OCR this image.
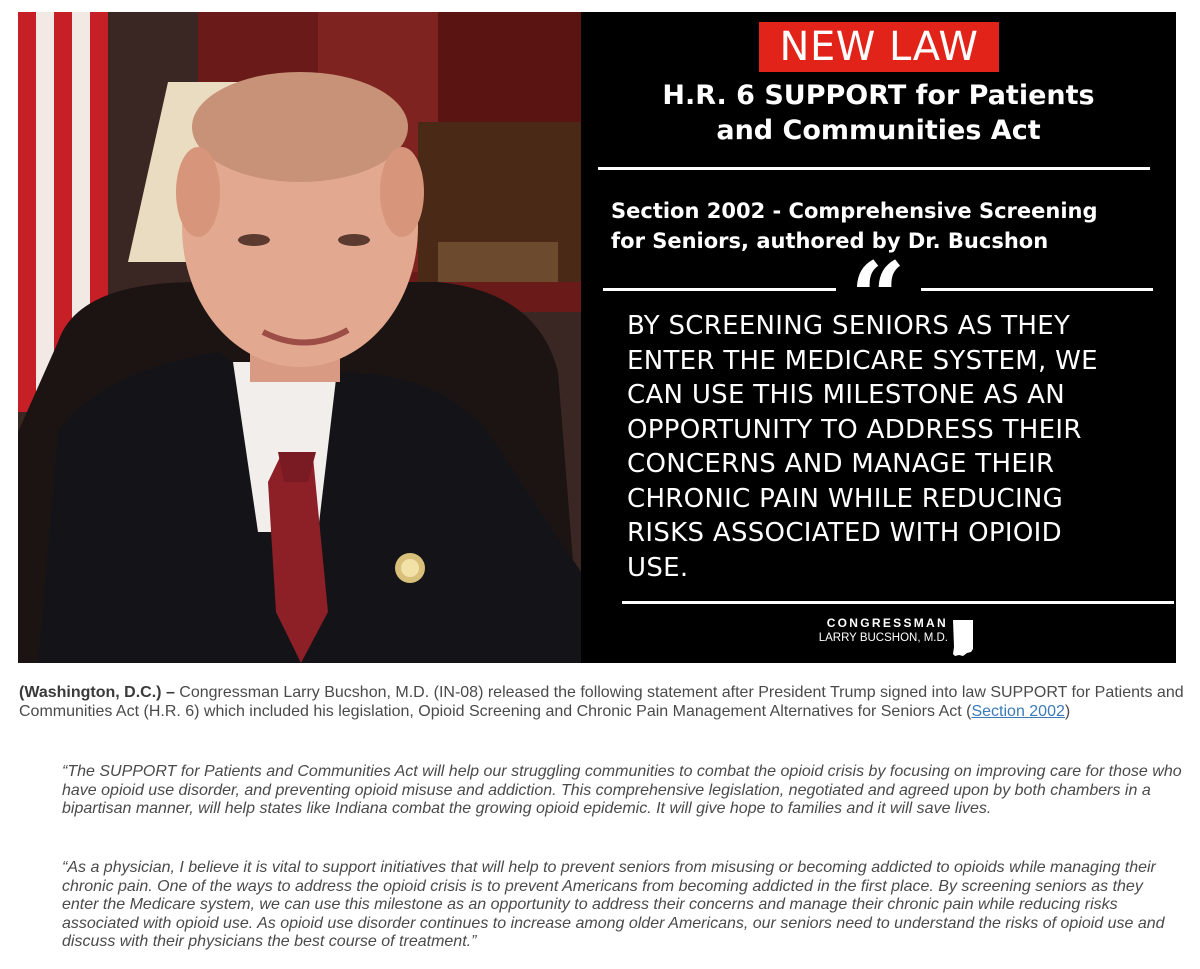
NEW LAW
H.R. 6 SUPPORT for Patients
and Communities Act
Section 2002 - Comprehensive Screening
for Seniors, authored by Dr. Bucshon
“
BY SCREENING SENIORS AS THEY
ENTER THE MEDICARE SYSTEM, WE
CAN USE THIS MILESTONE AS AN
OPPORTUNITY TO ADDRESS THEIR
CONCERNS AND MANAGE THEIR
CHRONIC PAIN WHILE REDUCING
RISKS ASSOCIATED WITH OPIOID
USE.
CONGRESSMAN
LARRY BUCSHON, M.D.
(Washington, D.C.) – Congressman Larry Bucshon, M.D. (IN-08) released the following statement after President Trump signed into law SUPPORT for Patients and Communities Act (H.R. 6) which included his legislation, Opioid Screening and Chronic Pain Management Alternatives for Seniors Act (Section 2002)
“The SUPPORT for Patients and Communities Act will help our struggling communities to combat the opioid crisis by focusing on improving care for those who have opioid use disorder, and preventing opioid misuse and addiction. This comprehensive legislation, negotiated and agreed upon by both chambers in a bipartisan manner, will help states like Indiana combat the growing opioid epidemic. It will give hope to families and it will save lives.
“As a physician, I believe it is vital to support initiatives that will help to prevent seniors from misusing or becoming addicted to opioids while managing their chronic pain. One of the ways to address the opioid crisis is to prevent Americans from becoming addicted in the first place. By screening seniors as they enter the Medicare system, we can use this milestone as an opportunity to address their concerns and manage their chronic pain while reducing risks associated with opioid use. As opioid use disorder continues to increase among older Americans, our seniors need to understand the risks of opioid use and discuss with their physicians the best course of treatment.”
